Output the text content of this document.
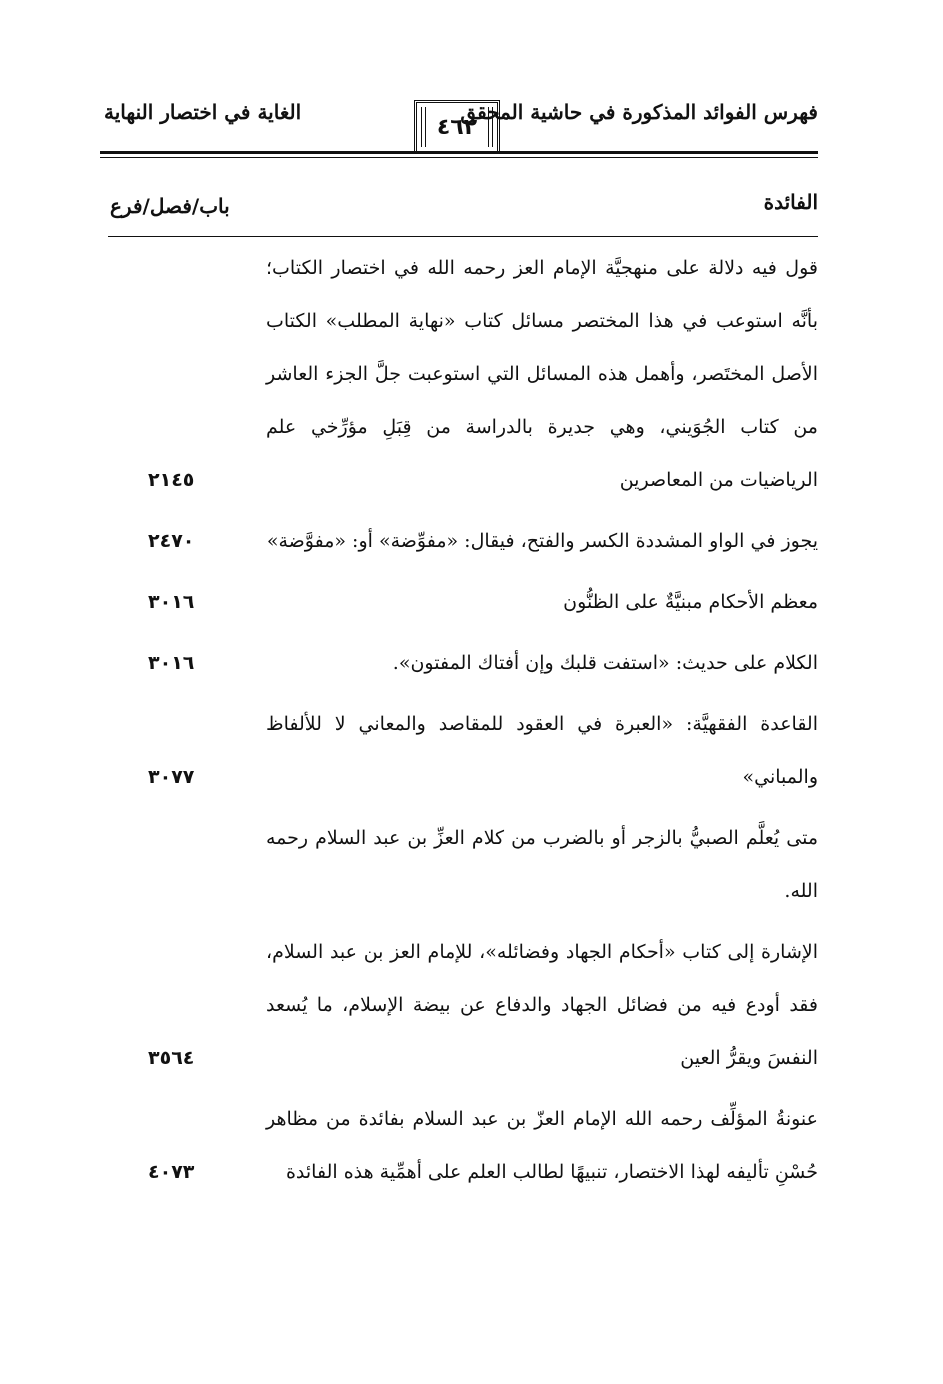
فهرس الفوائد المذكورة في حاشية المحقق
٤٦٢
الغاية في اختصار النهاية
الفائدة
باب/فصل/فرع
قول فيه دلالة على منهجيَّة الإمام العز رحمه الله في اختصار الكتاب؛ بأنَّه استوعب في هذا المختصر مسائل كتاب «نهاية المطلب» الكتاب الأصل المختَصر، وأهمل هذه المسائل التي استوعبت جلَّ الجزء العاشر من كتاب الجُوَيني، وهي جديرة بالدراسة من قِبَلِ مؤرِّخي علم الرياضيات من المعاصرين
٢١٤٥
يجوز في الواو المشددة الكسر والفتح، فيقال: «مفوِّضة» أو: «مفوَّضة»
٢٤٧٠
معظم الأحكام مبنيَّةٌ على الظنُّون
٣٠١٦
الكلام على حديث: «استفت قلبك وإن أفتاك المفتون».
٣٠١٦
القاعدة الفقهيَّة: «العبرة في العقود للمقاصد والمعاني لا للألفاظ والمباني»
٣٠٧٧
متى يُعلَّم الصبيُّ بالزجر أو بالضرب من كلام العزِّ بن عبد السلام رحمه الله.
الإشارة إلى كتاب «أحكام الجهاد وفضائله»، للإمام العز بن عبد السلام، فقد أودع فيه من فضائل الجهاد والدفاع عن بيضة الإسلام، ما يُسعد النفسَ ويقرُّ العين
٣٥٦٤
عنونةُ المؤلِّف رحمه الله الإمام العزّ بن عبد السلام بفائدة من مظاهر حُسْنِ تأليفه لهذا الاختصار، تنبيهًا لطالب العلم على أهمِّية هذه الفائدة
٤٠٧٣
